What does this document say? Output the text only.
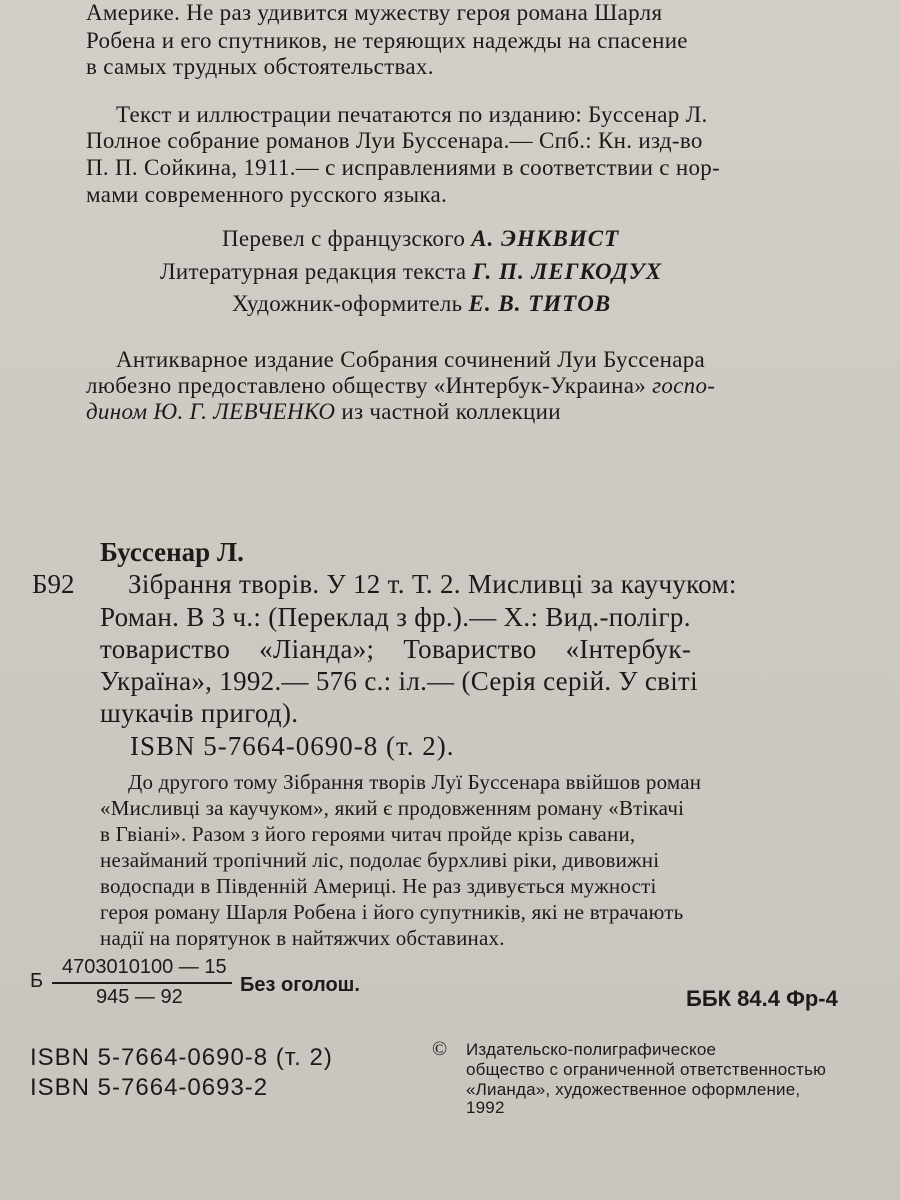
Америке. Не раз удивится мужеству героя романа Шарля
Робена и его спутников, не теряющих надежды на спасение
в самых трудных обстоятельствах.
Текст и иллюстрации печатаются по изданию: Буссенар Л.
Полное собрание романов Луи Буссенара.— Спб.: Кн. изд-во
П. П. Сойкина, 1911.— с исправлениями в соответствии с нор-
мами современного русского языка.
Перевел с французского А. ЭНКВИСТ
Литературная редакция текста Г. П. ЛЕГКОДУХ
Художник-оформитель Е. В. ТИТОВ
Антикварное издание Собрания сочинений Луи Буссенара
любезно предоставлено обществу «Интербук-Украина» госпо-
дином Ю. Г. ЛЕВЧЕНКО из частной коллекции
Буссенар Л.
Б92 Зібрання творів. У 12 т. Т. 2. Мисливці за каучуком:
Роман. В 3 ч.: (Переклад з фр.).— Х.: Вид.-полігр.
товариство «Ліанда»; Товариство «Інтербук-
Україна», 1992.— 576 с.: іл.— (Серія серій. У світі
шукачів пригод).
ISBN 5-7664-0690-8 (т. 2).
До другого тому Зібрання творів Луї Буссенара ввійшов роман
«Мисливці за каучуком», який є продовженням роману «Втікачі
в Гвіані». Разом з його героями читач пройде крізь савани,
незайманий тропічний ліс, подолає бурхливі ріки, дивовижні
водоспади в Південній Америці. Не раз здивується мужності
героя роману Шарля Робена і його супутників, які не втрачають
надії на порятунок в найтяжчих обставинах.
Б
4703010100 — 15
945 — 92
Без оголош.
ББК 84.4 Фр-4
ISBN 5-7664-0690-8 (т. 2)
ISBN 5-7664-0693-2
© Издательско-полиграфическое
общество с ограниченной ответственностью
«Лианда», художественное оформление,
1992
